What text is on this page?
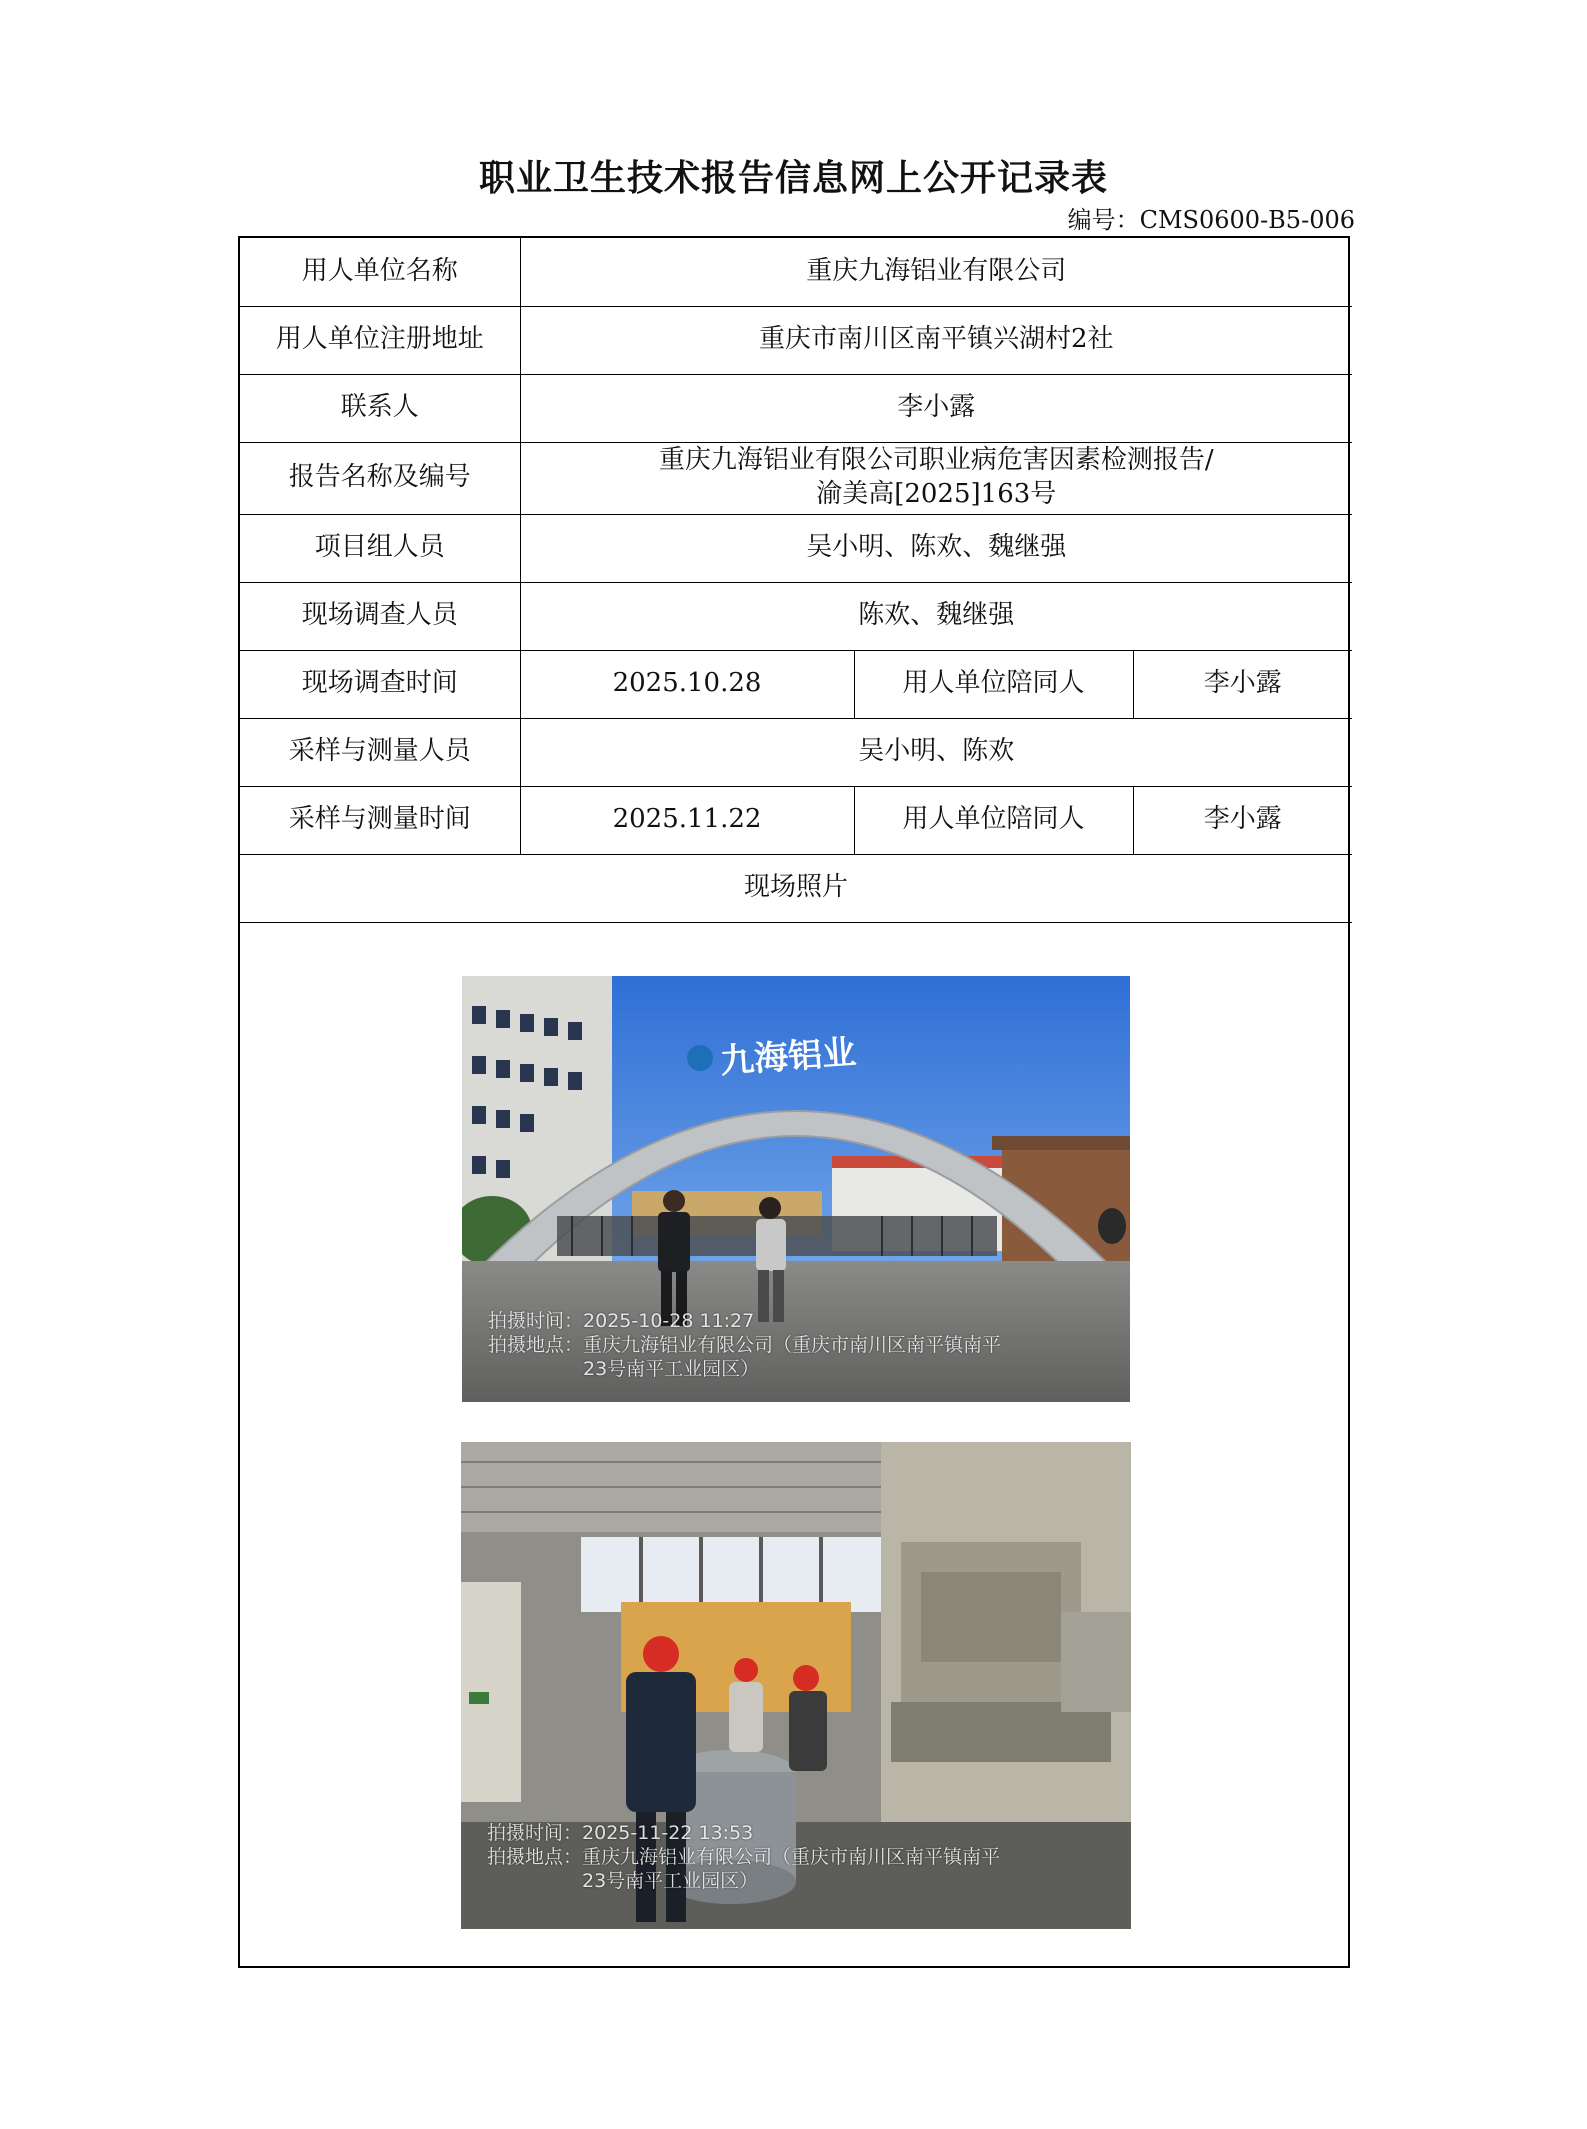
职业卫生技术报告信息网上公开记录表
编号：CMS0600-B5-006
用人单位名称	重庆九海铝业有限公司		
用人单位注册地址	重庆市南川区南平镇兴湖村2社		
联系人	李小露		
报告名称及编号	重庆九海铝业有限公司职业病危害因素检测报告/
渝美高[2025]163号		

项目组人员	吴小明、陈欢、魏继强		
现场调查人员	陈欢、魏继强		
现场调查时间	2025.10.28	用人单位陪同人	李小露
采样与测量人员	吴小明、陈欢		
采样与测量时间	2025.11.22	用人单位陪同人	李小露
现场照片			
九海铝业
拍摄时间：2025-10-28 11:27
拍摄地点：重庆九海铝业有限公司（重庆市南川区南平镇南平
23号南平工业园区）
拍摄时间：2025-11-22 13:53
拍摄地点：重庆九海铝业有限公司（重庆市南川区南平镇南平
23号南平工业园区）
